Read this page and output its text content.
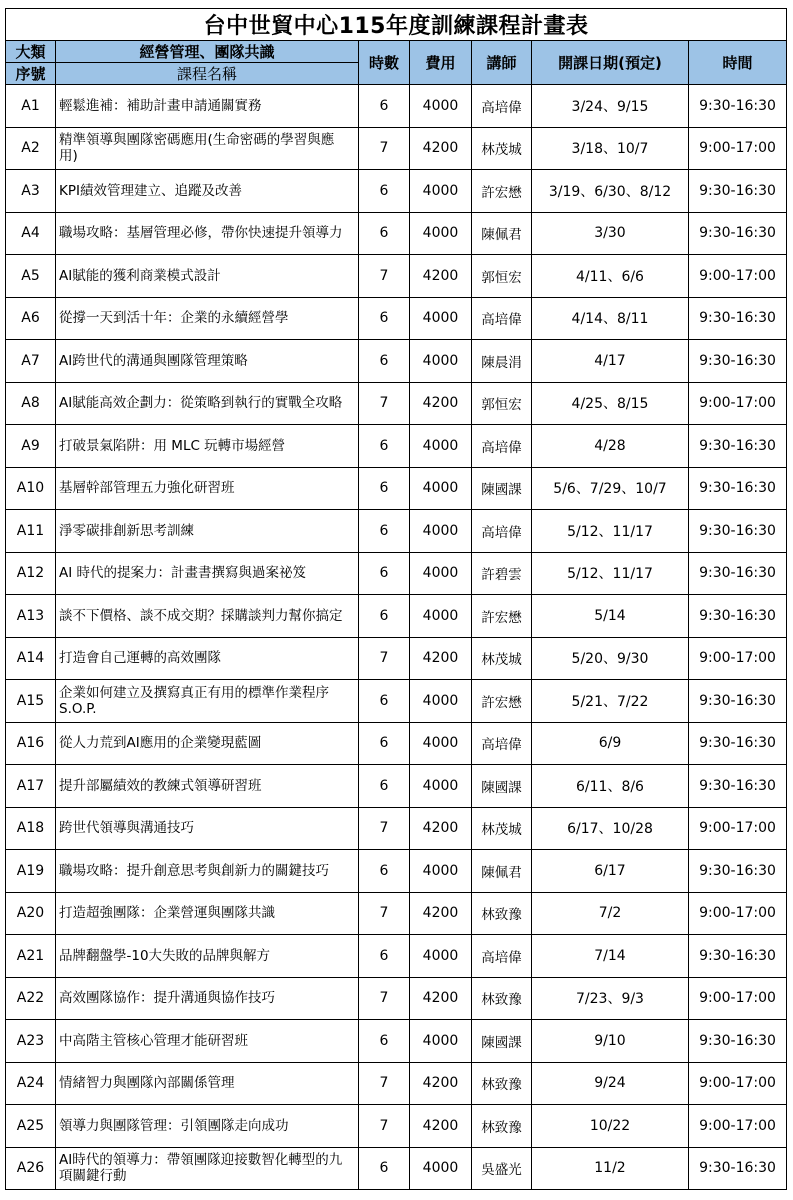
台中世貿中心115年度訓練課程計畫表						
大類	經營管理、團隊共識	時數	費用	講師	開課日期(預定)	時間
序號	課程名稱					
A1	輕鬆進補：補助計畫申請通關實務	6	4000	高培偉	3/24、9/15	9:30-16:30
A2	精準領導與團隊密碼應用(生命密碼的學習與應用)	7	4200	林茂城	3/18、10/7	9:00-17:00
A3	KPI績效管理建立、追蹤及改善	6	4000	許宏懋	3/19、6/30、8/12	9:30-16:30
A4	職場攻略：基層管理必修，帶你快速提升領導力	6	4000	陳佩君	3/30	9:30-16:30
A5	AI賦能的獲利商業模式設計	7	4200	郭恒宏	4/11、6/6	9:00-17:00
A6	從撐一天到活十年：企業的永續經營學	6	4000	高培偉	4/14、8/11	9:30-16:30
A7	AI跨世代的溝通與團隊管理策略	6	4000	陳晨涓	4/17	9:30-16:30
A8	AI賦能高效企劃力：從策略到執行的實戰全攻略	7	4200	郭恒宏	4/25、8/15	9:00-17:00
A9	打破景氣陷阱：用 MLC 玩轉市場經營	6	4000	高培偉	4/28	9:30-16:30
A10	基層幹部管理五力強化研習班	6	4000	陳國課	5/6、7/29、10/7	9:30-16:30
A11	淨零碳排創新思考訓練	6	4000	高培偉	5/12、11/17	9:30-16:30
A12	AI 時代的提案力：計畫書撰寫與過案祕笈	6	4000	許碧雲	5/12、11/17	9:30-16:30
A13	談不下價格、談不成交期？採購談判力幫你搞定	6	4000	許宏懋	5/14	9:30-16:30
A14	打造會自己運轉的高效團隊	7	4200	林茂城	5/20、9/30	9:00-17:00
A15	企業如何建立及撰寫真正有用的標準作業程序S.O.P.	6	4000	許宏懋	5/21、7/22	9:30-16:30
A16	從人力荒到AI應用的企業變現藍圖	6	4000	高培偉	6/9	9:30-16:30
A17	提升部屬績效的教練式領導研習班	6	4000	陳國課	6/11、8/6	9:30-16:30
A18	跨世代領導與溝通技巧	7	4200	林茂城	6/17、10/28	9:00-17:00
A19	職場攻略：提升創意思考與創新力的關鍵技巧	6	4000	陳佩君	6/17	9:30-16:30
A20	打造超強團隊：企業營運與團隊共識	7	4200	林致豫	7/2	9:00-17:00
A21	品牌翻盤學-10大失敗的品牌與解方	6	4000	高培偉	7/14	9:30-16:30
A22	高效團隊協作：提升溝通與協作技巧	7	4200	林致豫	7/23、9/3	9:00-17:00
A23	中高階主管核心管理才能研習班	6	4000	陳國課	9/10	9:30-16:30
A24	情緒智力與團隊內部關係管理	7	4200	林致豫	9/24	9:00-17:00
A25	領導力與團隊管理：引領團隊走向成功	7	4200	林致豫	10/22	9:00-17:00
A26	AI時代的領導力：帶領團隊迎接數智化轉型的九項關鍵行動	6	4000	吳盛光	11/2	9:30-16:30
